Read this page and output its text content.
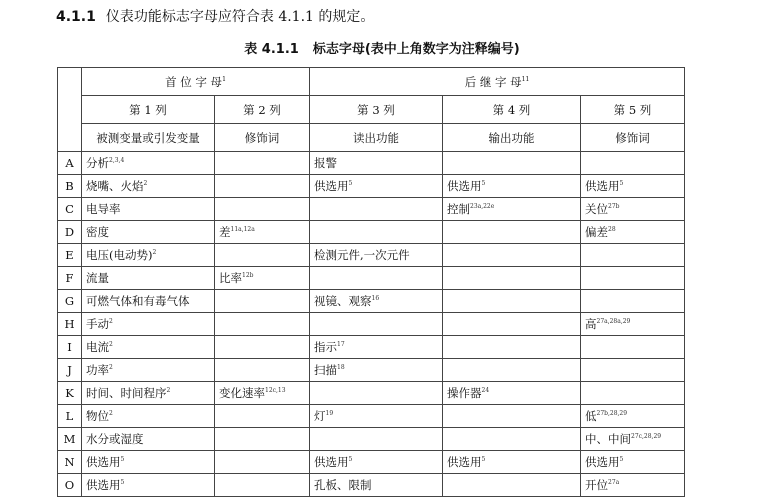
4.1.1 仪表功能标志字母应符合表 4.1.1 的规定。
表 4.1.1 标志字母(表中上角数字为注释编号)
	首 位 字 母$^1$		后 继 字 母$^{11}$
	第 1 列	第 2 列	第 3 列	第 4 列	第 5 列
	被测变量或引发变量	修饰词	读出功能	输出功能	修饰词
A	分析$^{2,3,4}$		报警		
B	烧嘴、火焰$^2$		供选用$^5$	供选用$^5$	供选用$^5$
C	电导率			控制$^{23a,22e}$	关位$^{27b}$
D	密度	差$^{11a,12a}$			偏差$^{28}$
E	电压(电动势)$^2$		检测元件,一次元件		
F	流量	比率$^{12b}$			
G	可燃气体和有毒气体		视镜、观察$^{16}$		
H	手动$^2$				高$^{27a,28a,29}$
I	电流$^2$		指示$^{17}$		
J	功率$^2$		扫描$^{18}$		
K	时间、时间程序$^2$	变化速率$^{12c,13}$		操作器$^{24}$	
L	物位$^2$		灯$^{19}$		低$^{27b,28,29}$
M	水分或湿度				中、中间$^{27c,28,29}$
N	供选用$^5$		供选用$^5$	供选用$^5$	供选用$^5$
O	供选用$^5$		孔板、限制		开位$^{27a}$
